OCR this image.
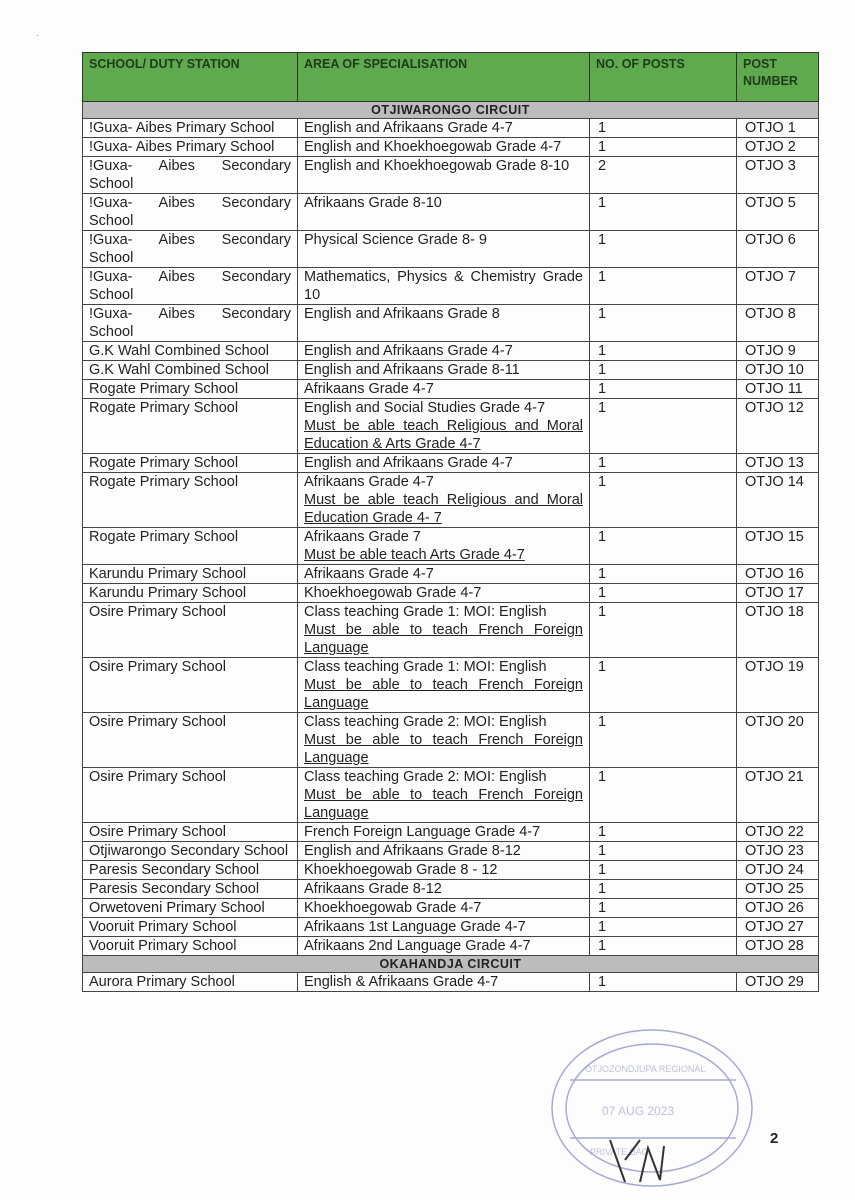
·
SCHOOL/ DUTY STATION	AREA OF SPECIALISATION	NO. OF POSTS	POST NUMBER
OTJIWARONGO CIRCUIT			
!Guxa- Aibes Primary School	English and Afrikaans Grade 4-7	1	OTJO 1
!Guxa- Aibes Primary School	English and Khoekhoegowab Grade 4-7	1	OTJO 2
!Guxa- Aibes Secondary School	English and Khoekhoegowab Grade 8-10	2	OTJO 3
!Guxa- Aibes Secondary School	Afrikaans Grade 8-10	1	OTJO 5
!Guxa- Aibes Secondary School	Physical Science Grade 8- 9	1	OTJO 6
!Guxa- Aibes Secondary School	Mathematics, Physics & Chemistry Grade 10	1	OTJO 7
!Guxa- Aibes Secondary School	English and Afrikaans Grade 8	1	OTJO 8
G.K Wahl Combined School	English and Afrikaans Grade 4-7	1	OTJO 9
G.K Wahl Combined School	English and Afrikaans Grade 8-11	1	OTJO 10
Rogate Primary School	Afrikaans Grade 4-7	1	OTJO 11
Rogate Primary School	English and Social Studies Grade 4-7
Must be able teach Religious and Moral Education & Arts Grade 4-7	1	OTJO 12
Rogate Primary School	English and Afrikaans Grade 4-7	1	OTJO 13
Rogate Primary School	Afrikaans Grade 4-7
Must be able teach Religious and Moral Education Grade 4- 7	1	OTJO 14
Rogate Primary School	Afrikaans Grade 7
Must be able teach Arts Grade 4-7	1	OTJO 15
Karundu Primary School	Afrikaans Grade 4-7	1	OTJO 16
Karundu Primary School	Khoekhoegowab Grade 4-7	1	OTJO 17
Osire Primary School	Class teaching Grade 1: MOI: English
Must be able to teach French Foreign Language	1	OTJO 18
Osire Primary School	Class teaching Grade 1: MOI: English
Must be able to teach French Foreign Language	1	OTJO 19
Osire Primary School	Class teaching Grade 2: MOI: English
Must be able to teach French Foreign Language	1	OTJO 20
Osire Primary School	Class teaching Grade 2: MOI: English
Must be able to teach French Foreign Language	1	OTJO 21
Osire Primary School	French Foreign Language Grade 4-7	1	OTJO 22
Otjiwarongo Secondary School	English and Afrikaans Grade 8-12	1	OTJO 23
Paresis Secondary School	Khoekhoegowab Grade 8 - 12	1	OTJO 24
Paresis Secondary School	Afrikaans Grade 8-12	1	OTJO 25
Orwetoveni Primary School	Khoekhoegowab Grade 4-7	1	OTJO 26
Vooruit Primary School	Afrikaans 1st Language Grade 4-7	1	OTJO 27
Vooruit Primary School	Afrikaans 2nd Language Grade 4-7	1	OTJO 28
OKAHANDJA CIRCUIT			
Aurora Primary School	English & Afrikaans Grade 4-7	1	OTJO 29
2
OTJOZONDJUPA REGIONAL
07 AUG 2023
PRIVATE BAG
